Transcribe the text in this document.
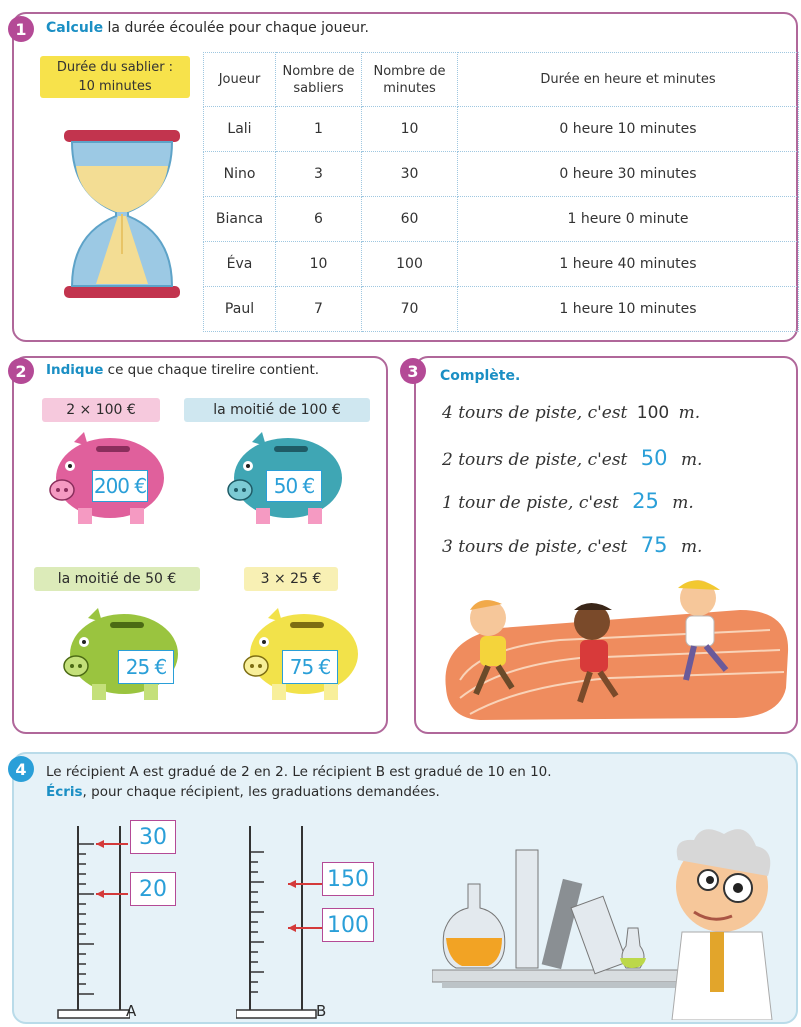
1	Calcule la durée écoulée pour chaque joueur.
Durée du sablier :
10 minutes	Joueur	Nombre de sabliers	Nombre de minutes	Durée en heure et minutes
Lali	1	10	0 heure 10 minutes
Nino	3	30	0 heure 30 minutes
Bianca	6	60	1 heure 0 minute
Éva	10	100	1 heure 40 minutes
Paul	7	70	1 heure 10 minutes
2	Indique ce que chaque tirelire contient.
2 × 100 €
200 €
la moitié de 100 €
50 €
la moitié de 50 €
25 €
3 × 25 €
75 €
3	Complète.
4 tours de piste, c'est 100 m.
2 tours de piste, c'est 50 m.
1 tour de piste, c'est 25 m.
3 tours de piste, c'est 75 m.
4	Le récipient A est gradué de 2 en 2. Le récipient B est gradué de 10 en 10.
Écris, pour chaque récipient, les graduations demandées.
A
30
20
B
150
100
